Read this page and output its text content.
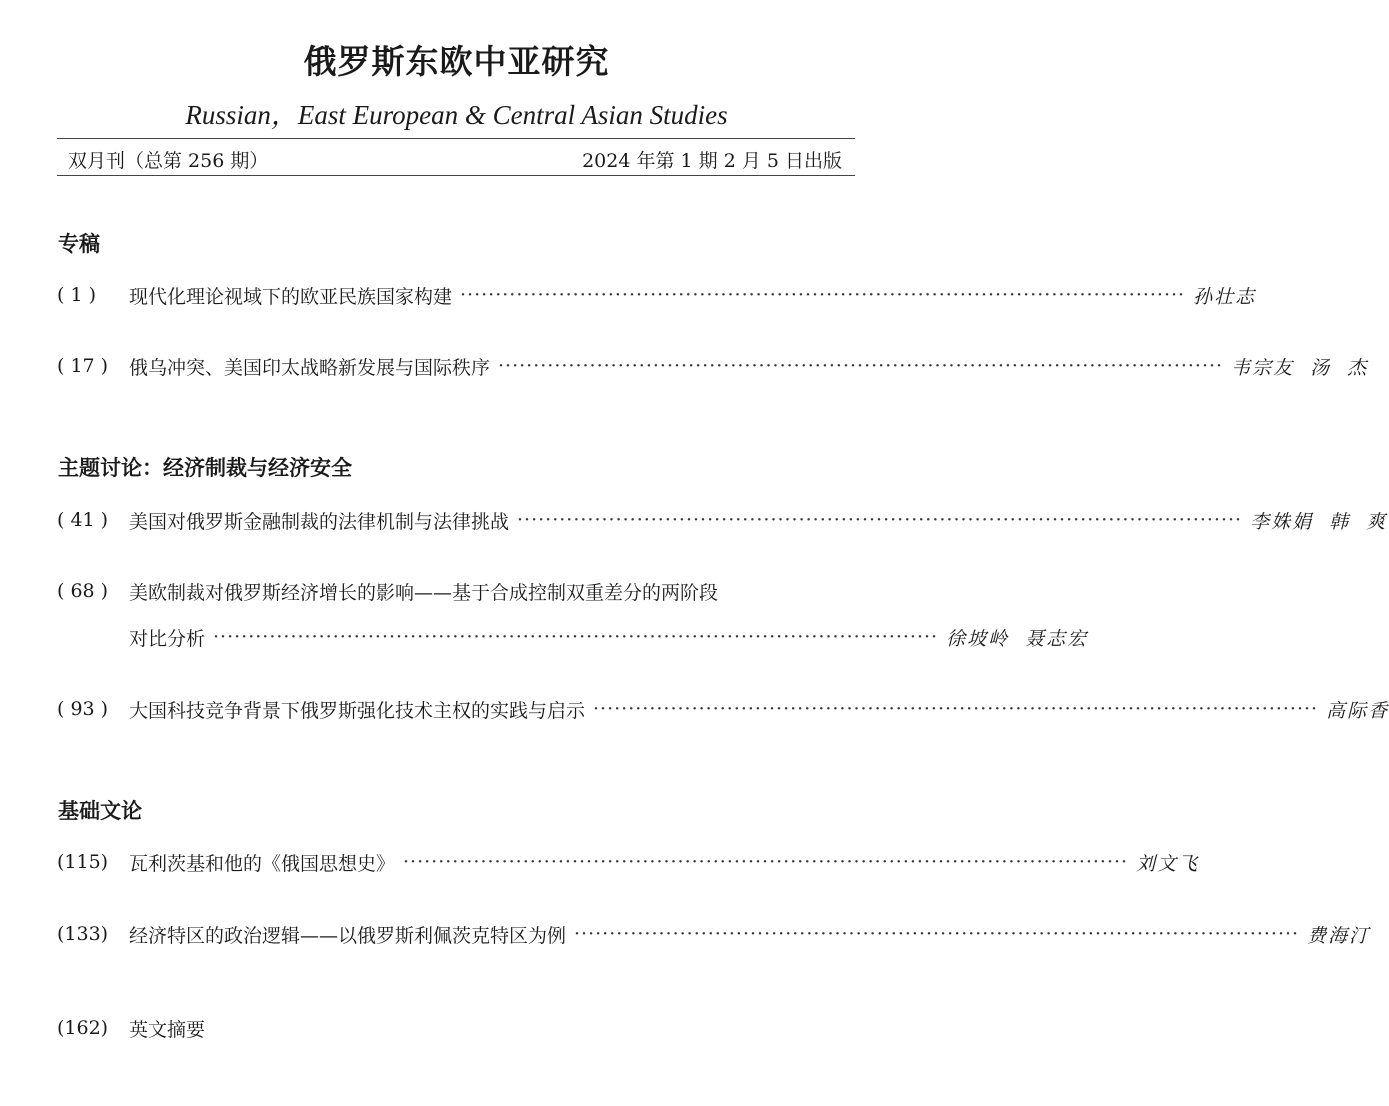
俄罗斯东欧中亚研究
Russian，East European & Central Asian Studies
双月刊（总第 256 期）	2024 年第 1 期 2 月 5 日出版
专稿
( 1 )	现代化理论视域下的欧亚民族国家构建 ······································································································· 孙壮志
( 17 )	俄乌冲突、美国印太战略新发展与国际秩序 ······································································································· 韦宗友  汤  杰
主题讨论：经济制裁与经济安全
( 41 )	美国对俄罗斯金融制裁的法律机制与法律挑战 ······································································································· 李姝娟  韩  爽
( 68 )	美欧制裁对俄罗斯经济增长的影响——基于合成控制双重差分的两阶段
对比分析 ······································································································· 徐坡岭  聂志宏
( 93 )	大国科技竞争背景下俄罗斯强化技术主权的实践与启示 ······································································································· 高际香
基础文论
(115)	瓦利茨基和他的《俄国思想史》 ······································································································· 刘文飞
(133)	经济特区的政治逻辑——以俄罗斯利佩茨克特区为例 ······································································································· 费海汀
(162)	英文摘要
